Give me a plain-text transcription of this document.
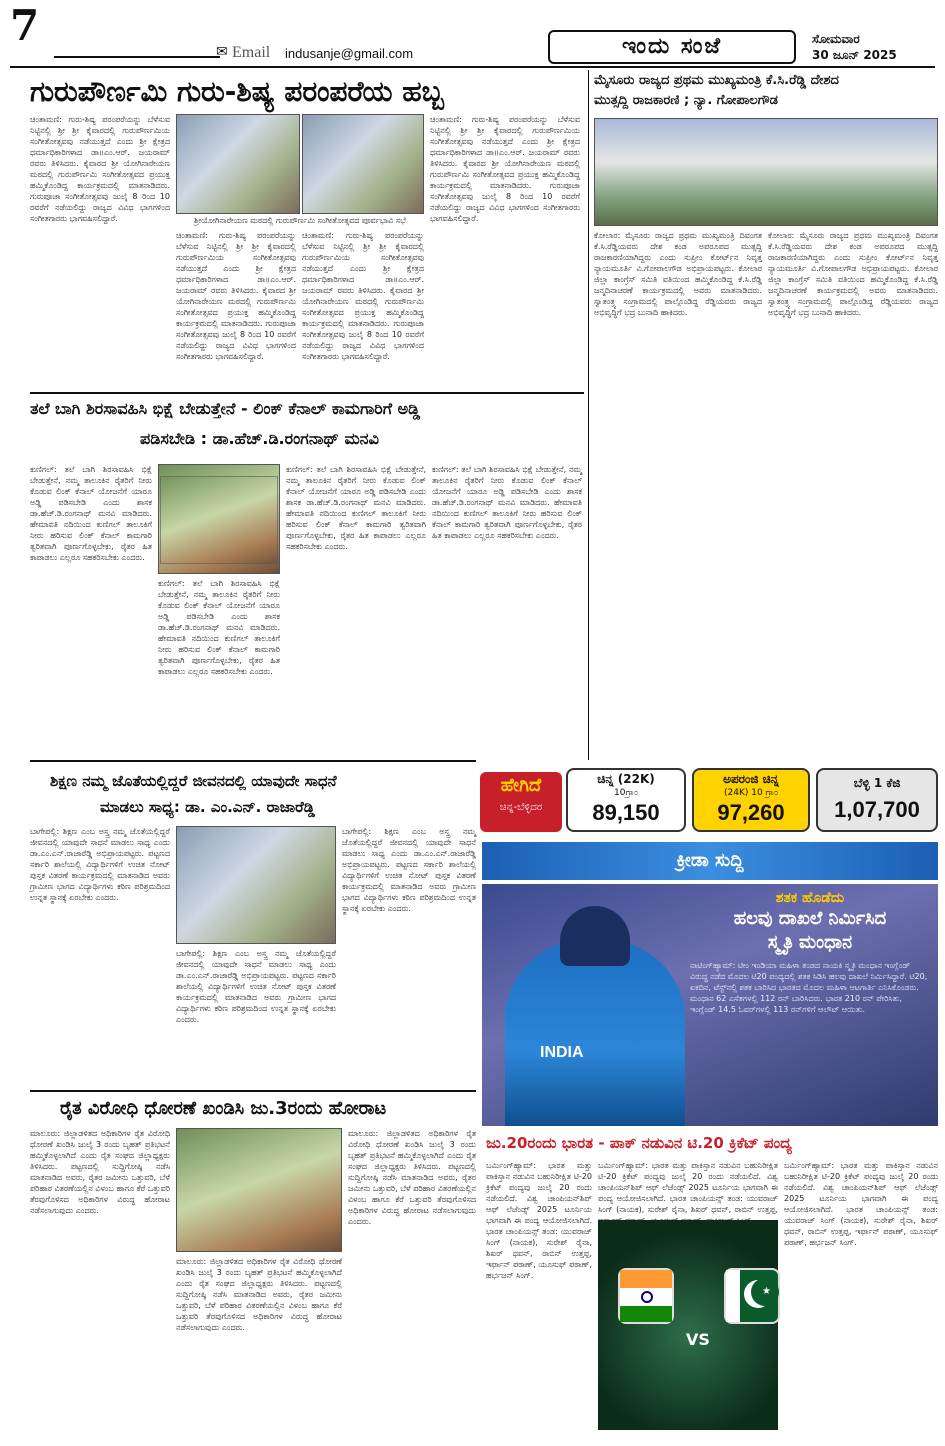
7
✉ Email indusanje@gmail.com	ಇಂದು ಸಂಜೆ	ಸೋಮವಾರ
30 ಜೂನ್ 2025
ಗುರುಪೌರ್ಣಮಿ ಗುರು-ಶಿಷ್ಯ ಪರಂಪರೆಯ ಹಬ್ಬ
ಚಿಂತಾಮಣಿ: ಗುರು-ಶಿಷ್ಯ ಪರಂಪರೆಯನ್ನು ಬೆಳೆಸುವ ನಿಟ್ಟಿನಲ್ಲಿ ಶ್ರೀ ಶ್ರೀ ಕೈವಾರದಲ್ಲಿ ಗುರುಪೌರ್ಣಮಿಯ ಸಂಗೀತೋತ್ಸವವು ನಡೆಯುತ್ತದೆ ಎಂದು ಶ್ರೀ ಕ್ಷೇತ್ರದ ಧರ್ಮಾಧಿಕಾರಿಗಳಾದ ಡಾ॥ಎಂ.ಆರ್. ಜಯರಾಮ್ ರವರು ತಿಳಿಸಿದರು. ಕೈವಾರದ ಶ್ರೀ ಯೋಗಿನಾರೇಯಣ ಮಠದಲ್ಲಿ ಗುರುಪೌರ್ಣಮಿ ಸಂಗೀತೋತ್ಸವದ ಪ್ರಯುಕ್ತ ಹಮ್ಮಿಕೊಂಡಿದ್ದ ಕಾರ್ಯಕ್ರಮದಲ್ಲಿ ಮಾತನಾಡಿದರು. ಗುರುಪೂಜಾ ಸಂಗೀತೋತ್ಸವವು ಜುಲೈ 8 ರಿಂದ 10 ರವರೆಗೆ ನಡೆಯಲಿದ್ದು ರಾಜ್ಯದ ವಿವಿಧ ಭಾಗಗಳಿಂದ ಸಂಗೀತಗಾರರು ಭಾಗವಹಿಸಲಿದ್ದಾರೆ.	ಶ್ರೀಯೋಗಿನಾರೇಯಣ ಮಠದಲ್ಲಿ ಗುರುಪೌರ್ಣಮಿ ಸಂಗೀತೋತ್ಸವದ ಪೂರ್ವಭಾವಿ ಸಭೆ
ಚಿಂತಾಮಣಿ: ಗುರು-ಶಿಷ್ಯ ಪರಂಪರೆಯನ್ನು ಬೆಳೆಸುವ ನಿಟ್ಟಿನಲ್ಲಿ ಶ್ರೀ ಶ್ರೀ ಕೈವಾರದಲ್ಲಿ ಗುರುಪೌರ್ಣಮಿಯ ಸಂಗೀತೋತ್ಸವವು ನಡೆಯುತ್ತದೆ ಎಂದು ಶ್ರೀ ಕ್ಷೇತ್ರದ ಧರ್ಮಾಧಿಕಾರಿಗಳಾದ ಡಾ॥ಎಂ.ಆರ್. ಜಯರಾಮ್ ರವರು ತಿಳಿಸಿದರು. ಕೈವಾರದ ಶ್ರೀ ಯೋಗಿನಾರೇಯಣ ಮಠದಲ್ಲಿ ಗುರುಪೌರ್ಣಮಿ ಸಂಗೀತೋತ್ಸವದ ಪ್ರಯುಕ್ತ ಹಮ್ಮಿಕೊಂಡಿದ್ದ ಕಾರ್ಯಕ್ರಮದಲ್ಲಿ ಮಾತನಾಡಿದರು. ಗುರುಪೂಜಾ ಸಂಗೀತೋತ್ಸವವು ಜುಲೈ 8 ರಿಂದ 10 ರವರೆಗೆ ನಡೆಯಲಿದ್ದು ರಾಜ್ಯದ ವಿವಿಧ ಭಾಗಗಳಿಂದ ಸಂಗೀತಗಾರರು ಭಾಗವಹಿಸಲಿದ್ದಾರೆ.
ಚಿಂತಾಮಣಿ: ಗುರು-ಶಿಷ್ಯ ಪರಂಪರೆಯನ್ನು ಬೆಳೆಸುವ ನಿಟ್ಟಿನಲ್ಲಿ ಶ್ರೀ ಶ್ರೀ ಕೈವಾರದಲ್ಲಿ ಗುರುಪೌರ್ಣಮಿಯ ಸಂಗೀತೋತ್ಸವವು ನಡೆಯುತ್ತದೆ ಎಂದು ಶ್ರೀ ಕ್ಷೇತ್ರದ ಧರ್ಮಾಧಿಕಾರಿಗಳಾದ ಡಾ॥ಎಂ.ಆರ್. ಜಯರಾಮ್ ರವರು ತಿಳಿಸಿದರು. ಕೈವಾರದ ಶ್ರೀ ಯೋಗಿನಾರೇಯಣ ಮಠದಲ್ಲಿ ಗುರುಪೌರ್ಣಮಿ ಸಂಗೀತೋತ್ಸವದ ಪ್ರಯುಕ್ತ ಹಮ್ಮಿಕೊಂಡಿದ್ದ ಕಾರ್ಯಕ್ರಮದಲ್ಲಿ ಮಾತನಾಡಿದರು. ಗುರುಪೂಜಾ ಸಂಗೀತೋತ್ಸವವು ಜುಲೈ 8 ರಿಂದ 10 ರವರೆಗೆ ನಡೆಯಲಿದ್ದು ರಾಜ್ಯದ ವಿವಿಧ ಭಾಗಗಳಿಂದ ಸಂಗೀತಗಾರರು ಭಾಗವಹಿಸಲಿದ್ದಾರೆ.
ಚಿಂತಾಮಣಿ: ಗುರು-ಶಿಷ್ಯ ಪರಂಪರೆಯನ್ನು ಬೆಳೆಸುವ ನಿಟ್ಟಿನಲ್ಲಿ ಶ್ರೀ ಶ್ರೀ ಕೈವಾರದಲ್ಲಿ ಗುರುಪೌರ್ಣಮಿಯ ಸಂಗೀತೋತ್ಸವವು ನಡೆಯುತ್ತದೆ ಎಂದು ಶ್ರೀ ಕ್ಷೇತ್ರದ ಧರ್ಮಾಧಿಕಾರಿಗಳಾದ ಡಾ॥ಎಂ.ಆರ್. ಜಯರಾಮ್ ರವರು ತಿಳಿಸಿದರು. ಕೈವಾರದ ಶ್ರೀ ಯೋಗಿನಾರೇಯಣ ಮಠದಲ್ಲಿ ಗುರುಪೌರ್ಣಮಿ ಸಂಗೀತೋತ್ಸವದ ಪ್ರಯುಕ್ತ ಹಮ್ಮಿಕೊಂಡಿದ್ದ ಕಾರ್ಯಕ್ರಮದಲ್ಲಿ ಮಾತನಾಡಿದರು. ಗುರುಪೂಜಾ ಸಂಗೀತೋತ್ಸವವು ಜುಲೈ 8 ರಿಂದ 10 ರವರೆಗೆ ನಡೆಯಲಿದ್ದು ರಾಜ್ಯದ ವಿವಿಧ ಭಾಗಗಳಿಂದ ಸಂಗೀತಗಾರರು ಭಾಗವಹಿಸಲಿದ್ದಾರೆ.
ಮೈಸೂರು ರಾಜ್ಯದ ಪ್ರಥಮ ಮುಖ್ಯಮಂತ್ರಿ ಕೆ.ಸಿ.ರೆಡ್ಡಿ ದೇಶದ
ಮುತ್ಸದ್ದಿ ರಾಜಕಾರಣಿ ; ನ್ಯಾ. ಗೋಪಾಲಗೌಡ
ಕೋಲಾರ: ಮೈಸೂರು ರಾಜ್ಯದ ಪ್ರಥಮ ಮುಖ್ಯಮಂತ್ರಿ ದಿವಂಗತ ಕೆ.ಸಿ.ರೆಡ್ಡಿಯವರು ದೇಶ ಕಂಡ ಅಪರೂಪದ ಮುತ್ಸದ್ದಿ ರಾಜಕಾರಣಿಯಾಗಿದ್ದರು ಎಂದು ಸುಪ್ರೀಂ ಕೋರ್ಟ್‌ನ ನಿವೃತ್ತ ನ್ಯಾಯಮೂರ್ತಿ ವಿ.ಗೋಪಾಲಗೌಡ ಅಭಿಪ್ರಾಯಪಟ್ಟರು. ಕೋಲಾರ ಜಿಲ್ಲಾ ಕಾಂಗ್ರೆಸ್ ಸಮಿತಿ ವತಿಯಿಂದ ಹಮ್ಮಿಕೊಂಡಿದ್ದ ಕೆ.ಸಿ.ರೆಡ್ಡಿ ಜನ್ಮದಿನಾಚರಣೆ ಕಾರ್ಯಕ್ರಮದಲ್ಲಿ ಅವರು ಮಾತನಾಡಿದರು. ಸ್ವಾತಂತ್ರ್ಯ ಸಂಗ್ರಾಮದಲ್ಲಿ ಪಾಲ್ಗೊಂಡಿದ್ದ ರೆಡ್ಡಿಯವರು ರಾಜ್ಯದ ಅಭಿವೃದ್ಧಿಗೆ ಭದ್ರ ಬುನಾದಿ ಹಾಕಿದರು.
ಕೋಲಾರ: ಮೈಸೂರು ರಾಜ್ಯದ ಪ್ರಥಮ ಮುಖ್ಯಮಂತ್ರಿ ದಿವಂಗತ ಕೆ.ಸಿ.ರೆಡ್ಡಿಯವರು ದೇಶ ಕಂಡ ಅಪರೂಪದ ಮುತ್ಸದ್ದಿ ರಾಜಕಾರಣಿಯಾಗಿದ್ದರು ಎಂದು ಸುಪ್ರೀಂ ಕೋರ್ಟ್‌ನ ನಿವೃತ್ತ ನ್ಯಾಯಮೂರ್ತಿ ವಿ.ಗೋಪಾಲಗೌಡ ಅಭಿಪ್ರಾಯಪಟ್ಟರು. ಕೋಲಾರ ಜಿಲ್ಲಾ ಕಾಂಗ್ರೆಸ್ ಸಮಿತಿ ವತಿಯಿಂದ ಹಮ್ಮಿಕೊಂಡಿದ್ದ ಕೆ.ಸಿ.ರೆಡ್ಡಿ ಜನ್ಮದಿನಾಚರಣೆ ಕಾರ್ಯಕ್ರಮದಲ್ಲಿ ಅವರು ಮಾತನಾಡಿದರು. ಸ್ವಾತಂತ್ರ್ಯ ಸಂಗ್ರಾಮದಲ್ಲಿ ಪಾಲ್ಗೊಂಡಿದ್ದ ರೆಡ್ಡಿಯವರು ರಾಜ್ಯದ ಅಭಿವೃದ್ಧಿಗೆ ಭದ್ರ ಬುನಾದಿ ಹಾಕಿದರು.
ತಲೆ ಬಾಗಿ ಶಿರಸಾವಹಿಸಿ ಭಿಕ್ಷೆ ಬೇಡುತ್ತೇನೆ - ಲಿಂಕ್ ಕೆನಾಲ್ ಕಾಮಗಾರಿಗೆ ಅಡ್ಡಿ
ಪಡಿಸಬೇಡಿ : ಡಾ.ಹೆಚ್.ಡಿ.ರಂಗನಾಥ್ ಮನವಿ
ಕುಣಿಗಲ್: ತಲೆ ಬಾಗಿ ಶಿರಸಾವಹಿಸಿ ಭಿಕ್ಷೆ ಬೇಡುತ್ತೇನೆ, ನಮ್ಮ ತಾಲೂಕಿನ ರೈತರಿಗೆ ನೀರು ಕೊಡುವ ಲಿಂಕ್ ಕೆನಾಲ್ ಯೋಜನೆಗೆ ಯಾರೂ ಅಡ್ಡಿ ಪಡಿಸಬೇಡಿ ಎಂದು ಶಾಸಕ ಡಾ.ಹೆಚ್.ಡಿ.ರಂಗನಾಥ್ ಮನವಿ ಮಾಡಿದರು. ಹೇಮಾವತಿ ನದಿಯಿಂದ ಕುಣಿಗಲ್ ತಾಲೂಕಿಗೆ ನೀರು ಹರಿಸುವ ಲಿಂಕ್ ಕೆನಾಲ್ ಕಾಮಗಾರಿ ತ್ವರಿತವಾಗಿ ಪೂರ್ಣಗೊಳ್ಳಬೇಕು, ರೈತರ ಹಿತ ಕಾಪಾಡಲು ಎಲ್ಲರೂ ಸಹಕರಿಸಬೇಕು ಎಂದರು.
ಕುಣಿಗಲ್: ತಲೆ ಬಾಗಿ ಶಿರಸಾವಹಿಸಿ ಭಿಕ್ಷೆ ಬೇಡುತ್ತೇನೆ, ನಮ್ಮ ತಾಲೂಕಿನ ರೈತರಿಗೆ ನೀರು ಕೊಡುವ ಲಿಂಕ್ ಕೆನಾಲ್ ಯೋಜನೆಗೆ ಯಾರೂ ಅಡ್ಡಿ ಪಡಿಸಬೇಡಿ ಎಂದು ಶಾಸಕ ಡಾ.ಹೆಚ್.ಡಿ.ರಂಗನಾಥ್ ಮನವಿ ಮಾಡಿದರು. ಹೇಮಾವತಿ ನದಿಯಿಂದ ಕುಣಿಗಲ್ ತಾಲೂಕಿಗೆ ನೀರು ಹರಿಸುವ ಲಿಂಕ್ ಕೆನಾಲ್ ಕಾಮಗಾರಿ ತ್ವರಿತವಾಗಿ ಪೂರ್ಣಗೊಳ್ಳಬೇಕು, ರೈತರ ಹಿತ ಕಾಪಾಡಲು ಎಲ್ಲರೂ ಸಹಕರಿಸಬೇಕು ಎಂದರು.
ಕುಣಿಗಲ್: ತಲೆ ಬಾಗಿ ಶಿರಸಾವಹಿಸಿ ಭಿಕ್ಷೆ ಬೇಡುತ್ತೇನೆ, ನಮ್ಮ ತಾಲೂಕಿನ ರೈತರಿಗೆ ನೀರು ಕೊಡುವ ಲಿಂಕ್ ಕೆನಾಲ್ ಯೋಜನೆಗೆ ಯಾರೂ ಅಡ್ಡಿ ಪಡಿಸಬೇಡಿ ಎಂದು ಶಾಸಕ ಡಾ.ಹೆಚ್.ಡಿ.ರಂಗನಾಥ್ ಮನವಿ ಮಾಡಿದರು. ಹೇಮಾವತಿ ನದಿಯಿಂದ ಕುಣಿಗಲ್ ತಾಲೂಕಿಗೆ ನೀರು ಹರಿಸುವ ಲಿಂಕ್ ಕೆನಾಲ್ ಕಾಮಗಾರಿ ತ್ವರಿತವಾಗಿ ಪೂರ್ಣಗೊಳ್ಳಬೇಕು, ರೈತರ ಹಿತ ಕಾಪಾಡಲು ಎಲ್ಲರೂ ಸಹಕರಿಸಬೇಕು ಎಂದರು.
ಕುಣಿಗಲ್: ತಲೆ ಬಾಗಿ ಶಿರಸಾವಹಿಸಿ ಭಿಕ್ಷೆ ಬೇಡುತ್ತೇನೆ, ನಮ್ಮ ತಾಲೂಕಿನ ರೈತರಿಗೆ ನೀರು ಕೊಡುವ ಲಿಂಕ್ ಕೆನಾಲ್ ಯೋಜನೆಗೆ ಯಾರೂ ಅಡ್ಡಿ ಪಡಿಸಬೇಡಿ ಎಂದು ಶಾಸಕ ಡಾ.ಹೆಚ್.ಡಿ.ರಂಗನಾಥ್ ಮನವಿ ಮಾಡಿದರು. ಹೇಮಾವತಿ ನದಿಯಿಂದ ಕುಣಿಗಲ್ ತಾಲೂಕಿಗೆ ನೀರು ಹರಿಸುವ ಲಿಂಕ್ ಕೆನಾಲ್ ಕಾಮಗಾರಿ ತ್ವರಿತವಾಗಿ ಪೂರ್ಣಗೊಳ್ಳಬೇಕು, ರೈತರ ಹಿತ ಕಾಪಾಡಲು ಎಲ್ಲರೂ ಸಹಕರಿಸಬೇಕು ಎಂದರು.
ಶಿಕ್ಷಣ ನಮ್ಮ ಜೊತೆಯಲ್ಲಿದ್ದರೆ ಜೀವನದಲ್ಲಿ ಯಾವುದೇ ಸಾಧನೆ
ಮಾಡಲು ಸಾಧ್ಯ: ಡಾ. ಎಂ.ಎನ್. ರಾಜಾರೆಡ್ಡಿ
ಬಾಗೇಪಲ್ಲಿ: ಶಿಕ್ಷಣ ಎಂಬ ಅಸ್ತ್ರ ನಮ್ಮ ಜೊತೆಯಲ್ಲಿದ್ದರೆ ಜೀವನದಲ್ಲಿ ಯಾವುದೇ ಸಾಧನೆ ಮಾಡಲು ಸಾಧ್ಯ ಎಂದು ಡಾ.ಎಂ.ಎನ್.ರಾಜಾರೆಡ್ಡಿ ಅಭಿಪ್ರಾಯಪಟ್ಟರು. ಪಟ್ಟಣದ ಸರ್ಕಾರಿ ಶಾಲೆಯಲ್ಲಿ ವಿದ್ಯಾರ್ಥಿಗಳಿಗೆ ಉಚಿತ ನೋಟ್ ಪುಸ್ತಕ ವಿತರಣೆ ಕಾರ್ಯಕ್ರಮದಲ್ಲಿ ಮಾತನಾಡಿದ ಅವರು ಗ್ರಾಮೀಣ ಭಾಗದ ವಿದ್ಯಾರ್ಥಿಗಳು ಕಠಿಣ ಪರಿಶ್ರಮದಿಂದ ಉನ್ನತ ಸ್ಥಾನಕ್ಕೆ ಏರಬೇಕು ಎಂದರು.
ಬಾಗೇಪಲ್ಲಿ: ಶಿಕ್ಷಣ ಎಂಬ ಅಸ್ತ್ರ ನಮ್ಮ ಜೊತೆಯಲ್ಲಿದ್ದರೆ ಜೀವನದಲ್ಲಿ ಯಾವುದೇ ಸಾಧನೆ ಮಾಡಲು ಸಾಧ್ಯ ಎಂದು ಡಾ.ಎಂ.ಎನ್.ರಾಜಾರೆಡ್ಡಿ ಅಭಿಪ್ರಾಯಪಟ್ಟರು. ಪಟ್ಟಣದ ಸರ್ಕಾರಿ ಶಾಲೆಯಲ್ಲಿ ವಿದ್ಯಾರ್ಥಿಗಳಿಗೆ ಉಚಿತ ನೋಟ್ ಪುಸ್ತಕ ವಿತರಣೆ ಕಾರ್ಯಕ್ರಮದಲ್ಲಿ ಮಾತನಾಡಿದ ಅವರು ಗ್ರಾಮೀಣ ಭಾಗದ ವಿದ್ಯಾರ್ಥಿಗಳು ಕಠಿಣ ಪರಿಶ್ರಮದಿಂದ ಉನ್ನತ ಸ್ಥಾನಕ್ಕೆ ಏರಬೇಕು ಎಂದರು.
ಬಾಗೇಪಲ್ಲಿ: ಶಿಕ್ಷಣ ಎಂಬ ಅಸ್ತ್ರ ನಮ್ಮ ಜೊತೆಯಲ್ಲಿದ್ದರೆ ಜೀವನದಲ್ಲಿ ಯಾವುದೇ ಸಾಧನೆ ಮಾಡಲು ಸಾಧ್ಯ ಎಂದು ಡಾ.ಎಂ.ಎನ್.ರಾಜಾರೆಡ್ಡಿ ಅಭಿಪ್ರಾಯಪಟ್ಟರು. ಪಟ್ಟಣದ ಸರ್ಕಾರಿ ಶಾಲೆಯಲ್ಲಿ ವಿದ್ಯಾರ್ಥಿಗಳಿಗೆ ಉಚಿತ ನೋಟ್ ಪುಸ್ತಕ ವಿತರಣೆ ಕಾರ್ಯಕ್ರಮದಲ್ಲಿ ಮಾತನಾಡಿದ ಅವರು ಗ್ರಾಮೀಣ ಭಾಗದ ವಿದ್ಯಾರ್ಥಿಗಳು ಕಠಿಣ ಪರಿಶ್ರಮದಿಂದ ಉನ್ನತ ಸ್ಥಾನಕ್ಕೆ ಏರಬೇಕು ಎಂದರು.
ರೈತ ವಿರೋಧಿ ಧೋರಣೆ ಖಂಡಿಸಿ ಜು.3ರಂದು ಹೋರಾಟ
ಮಾಲೂರು: ಜಿಲ್ಲಾಡಳಿತದ ಅಧಿಕಾರಿಗಳ ರೈತ ವಿರೋಧಿ ಧೋರಣೆ ಖಂಡಿಸಿ ಜುಲೈ 3 ರಂದು ಬೃಹತ್ ಪ್ರತಿಭಟನೆ ಹಮ್ಮಿಕೊಳ್ಳಲಾಗಿದೆ ಎಂದು ರೈತ ಸಂಘದ ಜಿಲ್ಲಾಧ್ಯಕ್ಷರು ತಿಳಿಸಿದರು. ಪಟ್ಟಣದಲ್ಲಿ ಸುದ್ದಿಗೋಷ್ಠಿ ನಡೆಸಿ ಮಾತನಾಡಿದ ಅವರು, ರೈತರ ಜಮೀನು ಒತ್ತುವರಿ, ಬೆಳೆ ಪರಿಹಾರ ವಿತರಣೆಯಲ್ಲಿನ ವಿಳಂಬ ಹಾಗೂ ಕೆರೆ ಒತ್ತುವರಿ ತೆರವುಗೊಳಿಸದ ಅಧಿಕಾರಿಗಳ ವಿರುದ್ಧ ಹೋರಾಟ ನಡೆಸಲಾಗುವುದು ಎಂದರು.
ಮಾಲೂರು: ಜಿಲ್ಲಾಡಳಿತದ ಅಧಿಕಾರಿಗಳ ರೈತ ವಿರೋಧಿ ಧೋರಣೆ ಖಂಡಿಸಿ ಜುಲೈ 3 ರಂದು ಬೃಹತ್ ಪ್ರತಿಭಟನೆ ಹಮ್ಮಿಕೊಳ್ಳಲಾಗಿದೆ ಎಂದು ರೈತ ಸಂಘದ ಜಿಲ್ಲಾಧ್ಯಕ್ಷರು ತಿಳಿಸಿದರು. ಪಟ್ಟಣದಲ್ಲಿ ಸುದ್ದಿಗೋಷ್ಠಿ ನಡೆಸಿ ಮಾತನಾಡಿದ ಅವರು, ರೈತರ ಜಮೀನು ಒತ್ತುವರಿ, ಬೆಳೆ ಪರಿಹಾರ ವಿತರಣೆಯಲ್ಲಿನ ವಿಳಂಬ ಹಾಗೂ ಕೆರೆ ಒತ್ತುವರಿ ತೆರವುಗೊಳಿಸದ ಅಧಿಕಾರಿಗಳ ವಿರುದ್ಧ ಹೋರಾಟ ನಡೆಸಲಾಗುವುದು ಎಂದರು.
ಮಾಲೂರು: ಜಿಲ್ಲಾಡಳಿತದ ಅಧಿಕಾರಿಗಳ ರೈತ ವಿರೋಧಿ ಧೋರಣೆ ಖಂಡಿಸಿ ಜುಲೈ 3 ರಂದು ಬೃಹತ್ ಪ್ರತಿಭಟನೆ ಹಮ್ಮಿಕೊಳ್ಳಲಾಗಿದೆ ಎಂದು ರೈತ ಸಂಘದ ಜಿಲ್ಲಾಧ್ಯಕ್ಷರು ತಿಳಿಸಿದರು. ಪಟ್ಟಣದಲ್ಲಿ ಸುದ್ದಿಗೋಷ್ಠಿ ನಡೆಸಿ ಮಾತನಾಡಿದ ಅವರು, ರೈತರ ಜಮೀನು ಒತ್ತುವರಿ, ಬೆಳೆ ಪರಿಹಾರ ವಿತರಣೆಯಲ್ಲಿನ ವಿಳಂಬ ಹಾಗೂ ಕೆರೆ ಒತ್ತುವರಿ ತೆರವುಗೊಳಿಸದ ಅಧಿಕಾರಿಗಳ ವಿರುದ್ಧ ಹೋರಾಟ ನಡೆಸಲಾಗುವುದು ಎಂದರು.
ಹೇಗಿದೆ
ಚಿನ್ನ-ಬೆಳ್ಳಿದರ
ಚಿನ್ನ (22K)
10ಗ್ರಾಂ
89,150
ಅಪರಂಜಿ ಚಿನ್ನ
(24K) 10 ಗ್ರಾಂ
97,260
ಬೆಳ್ಳಿ 1 ಕೆಜಿ
1,07,700
ಕ್ರೀಡಾ ಸುದ್ದಿ
INDIA
ಶತಕ ಹೊಡೆದು
ಹಲವು ದಾಖಲೆ ನಿರ್ಮಿಸಿದ
ಸ್ಮೃತಿ ಮಂಧಾನ
ನಾಟಿಂಗ್‌ಹ್ಯಾಮ್: ಟೀಂ ಇಂಡಿಯಾ ಮಹಿಳಾ ತಂಡದ ನಾಯಕಿ ಸ್ಮೃತಿ ಮಂಧಾನ ಇಂಗ್ಲೆಂಡ್ ವಿರುದ್ಧ ನಡೆದ ಮೊದಲ ಟಿ20 ಪಂದ್ಯದಲ್ಲಿ ಶತಕ ಸಿಡಿಸಿ ಹಲವು ದಾಖಲೆ ನಿರ್ಮಿಸಿದ್ದಾರೆ. ಟಿ20, ಏಕದಿನ, ಟೆಸ್ಟ್‌ನಲ್ಲಿ ಶತಕ ಬಾರಿಸಿದ ಭಾರತದ ಮೊದಲ ಮಹಿಳಾ ಆಟಗಾರ್ತಿ ಎನಿಸಿಕೊಂಡರು. ಮಂಧಾನ 62 ಎಸೆತಗಳಲ್ಲಿ 112 ರನ್ ಬಾರಿಸಿದರು. ಭಾರತ 210 ರನ್ ಪೇರಿಸಿತು, ಇಂಗ್ಲೆಂಡ್ 14.5 ಓವರ್‌ಗಳಲ್ಲಿ 113 ರನ್‌ಗಳಿಗೆ ಆಲೌಟ್ ಆಯಿತು.
ಜು.20ರಂದು ಭಾರತ - ಪಾಕ್ ನಡುವಿನ ಟಿ.20 ಕ್ರಿಕೆಟ್ ಪಂದ್ಯ
ಬರ್ಮಿಂಗ್‌ಹ್ಯಾಮ್: ಭಾರತ ಮತ್ತು ಪಾಕಿಸ್ತಾನ ನಡುವಿನ ಬಹುನಿರೀಕ್ಷಿತ ಟಿ-20 ಕ್ರಿಕೆಟ್ ಪಂದ್ಯವು ಜುಲೈ 20 ರಂದು ನಡೆಯಲಿದೆ. ವಿಶ್ವ ಚಾಂಪಿಯನ್‌ಶಿಪ್ ಆಫ್ ಲೆಜೆಂಡ್ಸ್ 2025 ಟೂರ್ನಿಯ ಭಾಗವಾಗಿ ಈ ಪಂದ್ಯ ಆಯೋಜಿಸಲಾಗಿದೆ. ಭಾರತ ಚಾಂಪಿಯನ್ಸ್ ತಂಡ: ಯುವರಾಜ್ ಸಿಂಗ್ (ನಾಯಕ), ಸುರೇಶ್ ರೈನಾ, ಶಿಖರ್ ಧವನ್, ರಾಬಿನ್ ಉತ್ತಪ್ಪ, ಇರ್ಫಾನ್ ಪಠಾಣ್, ಯೂಸುಫ್ ಪಠಾಣ್, ಹರ್ಭಜನ್ ಸಿಂಗ್.
ಬರ್ಮಿಂಗ್‌ಹ್ಯಾಮ್: ಭಾರತ ಮತ್ತು ಪಾಕಿಸ್ತಾನ ನಡುವಿನ ಬಹುನಿರೀಕ್ಷಿತ ಟಿ-20 ಕ್ರಿಕೆಟ್ ಪಂದ್ಯವು ಜುಲೈ 20 ರಂದು ನಡೆಯಲಿದೆ. ವಿಶ್ವ ಚಾಂಪಿಯನ್‌ಶಿಪ್ ಆಫ್ ಲೆಜೆಂಡ್ಸ್ 2025 ಟೂರ್ನಿಯ ಭಾಗವಾಗಿ ಈ ಪಂದ್ಯ ಆಯೋಜಿಸಲಾಗಿದೆ. ಭಾರತ ಚಾಂಪಿಯನ್ಸ್ ತಂಡ: ಯುವರಾಜ್ ಸಿಂಗ್ (ನಾಯಕ), ಸುರೇಶ್ ರೈನಾ, ಶಿಖರ್ ಧವನ್, ರಾಬಿನ್ ಉತ್ತಪ್ಪ,
★
VS
ಬರ್ಮಿಂಗ್‌ಹ್ಯಾಮ್: ಭಾರತ ಮತ್ತು ಪಾಕಿಸ್ತಾನ ನಡುವಿನ ಬಹುನಿರೀಕ್ಷಿತ ಟಿ-20 ಕ್ರಿಕೆಟ್ ಪಂದ್ಯವು ಜುಲೈ 20 ರಂದು ನಡೆಯಲಿದೆ. ವಿಶ್ವ ಚಾಂಪಿಯನ್‌ಶಿಪ್ ಆಫ್ ಲೆಜೆಂಡ್ಸ್ 2025 ಟೂರ್ನಿಯ ಭಾಗವಾಗಿ ಈ ಪಂದ್ಯ ಆಯೋಜಿಸಲಾಗಿದೆ. ಭಾರತ ಚಾಂಪಿಯನ್ಸ್ ತಂಡ: ಯುವರಾಜ್ ಸಿಂಗ್ (ನಾಯಕ), ಸುರೇಶ್ ರೈನಾ, ಶಿಖರ್ ಧವನ್, ರಾಬಿನ್ ಉತ್ತಪ್ಪ, ಇರ್ಫಾನ್ ಪಠಾಣ್, ಯೂಸುಫ್ ಪಠಾಣ್, ಹರ್ಭಜನ್ ಸಿಂಗ್.
